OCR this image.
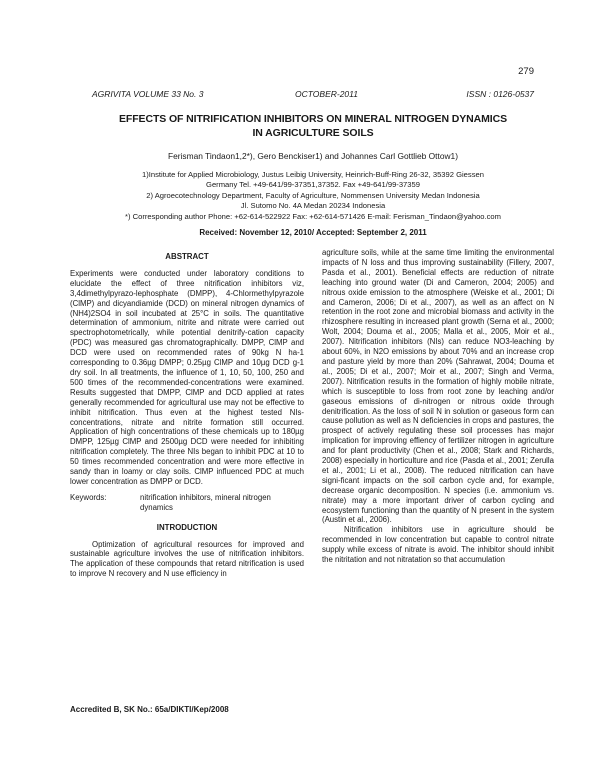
279
AGRIVITA VOLUME 33 No. 3	OCTOBER-2011	ISSN : 0126-0537
EFFECTS OF NITRIFICATION INHIBITORS ON MINERAL NITROGEN DYNAMICS
IN AGRICULTURE SOILS
Ferisman Tindaon1,2*), Gero Benckiser1) and Johannes Carl Gottlieb Ottow1)
1)Institute for Applied Microbiology, Justus Leibig University, Heinrich-Buff-Ring 26-32, 35392 Giessen
Germany Tel. +49-641/99-37351,37352. Fax +49-641/99-37359
2) Agroecotechnology Department, Faculty of Agriculture, Nommensen University Medan Indonesia
Jl. Sutomo No. 4A Medan 20234 Indonesia
*) Corresponding author Phone: +62-614-522922 Fax: +62-614-571426 E-mail: Ferisman_Tindaon@yahoo.com
Received: November 12, 2010/ Accepted: September 2, 2011
ABSTRACT

Experiments were conducted under laboratory conditions to elucidate the effect of three nitrification inhibitors viz, 3,4dimethylpyrazo-lephosphate (DMPP), 4-Chlormethylpyrazole (ClMP) and dicyandiamide (DCD) on mineral nitrogen dynamics of (NH4)2SO4 in soil incubated at 25°C in soils. The quantitative determination of ammonium, nitrite and nitrate were carried out spectrophotometrically, while potential denitrify-cation capacity (PDC) was measured gas chromatographically. DMPP, ClMP and DCD were used on recommended rates of 90kg N ha-1 corresponding to 0.36µg DMPP; 0.25µg ClMP and 10µg DCD g-1 dry soil. In all treatments, the influence of 1, 10, 50, 100, 250 and 500 times of the recommended-concentrations were examined. Results suggested that DMPP, ClMP and DCD applied at rates generally recommended for agricultural use may not be effective to inhibit nitrification. Thus even at the highest tested NIs-concentrations, nitrate and nitrite formation still occurred. Application of high concentrations of these chemicals up to 180µg DMPP, 125µg ClMP and 2500µg DCD were needed for inhibiting nitrification completely. The three NIs began to inhibit PDC at 10 to 50 times recommended concentration and were more effective in sandy than in loamy or clay soils. ClMP influenced PDC at much lower concentration as DMPP or DCD.

Keywords:	nitrification inhibitors, mineral nitrogen dynamics
INTRODUCTION

Optimization of agricultural resources for improved and sustainable agriculture involves the use of nitrification inhibitors. The application of these compounds that retard nitrification is used to improve N recovery and N use efficiency in

agriculture soils, while at the same time limiting the environmental impacts of N loss and thus improving sustainability (Fillery, 2007, Pasda et al., 2001). Beneficial effects are reduction of nitrate leaching into ground water (Di and Cameron, 2004; 2005) and nitrous oxide emission to the atmosphere (Weiske et al., 2001; Di and Cameron, 2006; Di et al., 2007), as well as an affect on N retention in the root zone and microbial biomass and activity in the rhizosphere resulting in increased plant growth (Serna et al., 2000; Wolt, 2004; Douma et al., 2005; Malla et al., 2005, Moir et al., 2007). Nitrification inhibitors (NIs) can reduce NO3-leaching by about 60%, in N2O emissions by about 70% and an increase crop and pasture yield by more than 20% (Sahrawat, 2004; Douma et al., 2005; Di et al., 2007; Moir et al., 2007; Singh and Verma, 2007). Nitrification results in the formation of highly mobile nitrate, which is susceptible to loss from root zone by leaching and/or gaseous emissions of di-nitrogen or nitrous oxide through denitrification. As the loss of soil N in solution or gaseous form can cause pollution as well as N deficiencies in crops and pastures, the prospect of actively regulating these soil processes has major implication for improving effiency of fertilizer nitrogen in agriculture and for plant productivity (Chen et al., 2008; Stark and Richards, 2008) especially in horticulture and rice (Pasda et al., 2001; Zerulla et al., 2001; Li et al., 2008). The reduced nitrification can have signi-ficant impacts on the soil carbon cycle and, for example, decrease organic decomposition. N species (i.e. ammonium vs. nitrate) may a more important driver of carbon cycling and ecosystem functioning than the quantity of N present in the system (Austin et al., 2006).

Nitrification inhibitors use in agriculture should be recommended in low concentration but capable to control nitrate supply while excess of nitrate is avoid. The inhibitor should inhibit the nitritation and not nitratation so that accumulation

Accredited B, SK No.: 65a/DIKTI/Kep/2008
